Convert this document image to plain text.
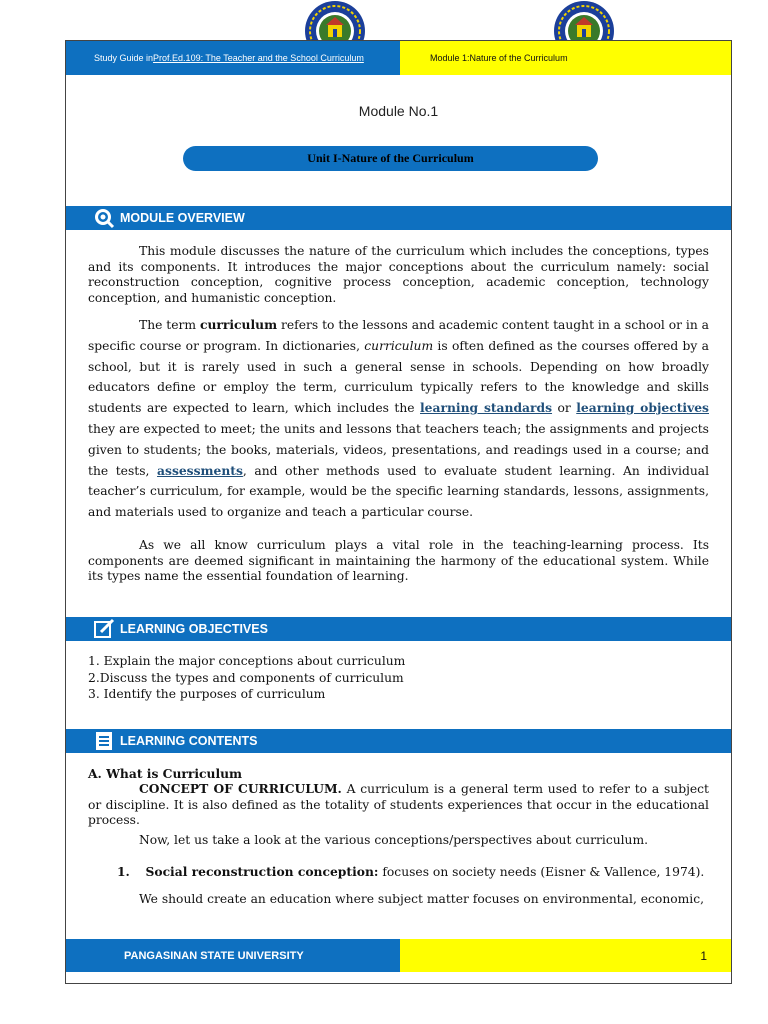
Study Guide in Prof.Ed.109: The Teacher and the School Curriculum	Module 1:Nature of the Curriculum
Module No.1
Unit I-Nature of the Curriculum
MODULE OVERVIEW
This module discusses the nature of the curriculum which includes the conceptions, types and its components. It introduces the major conceptions about the curriculum namely: social reconstruction conception, cognitive process conception, academic conception, technology conception, and humanistic conception.
The term curriculum refers to the lessons and academic content taught in a school or in a specific course or program. In dictionaries, curriculum is often defined as the courses offered by a school, but it is rarely used in such a general sense in schools. Depending on how broadly educators define or employ the term, curriculum typically refers to the knowledge and skills students are expected to learn, which includes the learning standards or learning objectives they are expected to meet; the units and lessons that teachers teach; the assignments and projects given to students; the books, materials, videos, presentations, and readings used in a course; and the tests, assessments, and other methods used to evaluate student learning. An individual teacher’s curriculum, for example, would be the specific learning standards, lessons, assignments, and materials used to organize and teach a particular course.
As we all know curriculum plays a vital role in the teaching-learning process. Its components are deemed significant in maintaining the harmony of the educational system. While its types name the essential foundation of learning.
LEARNING OBJECTIVES
1. Explain the major conceptions about curriculum
2.Discuss the types and components of curriculum
3. Identify the purposes of curriculum
LEARNING CONTENTS
A. What is Curriculum
CONCEPT OF CURRICULUM. A curriculum is a general term used to refer to a subject or discipline. It is also defined as the totality of students experiences that occur in the educational process.
Now, let us take a look at the various conceptions/perspectives about curriculum.
1. Social reconstruction conception: focuses on society needs (Eisner & Vallence, 1974).
We should create an education where subject matter focuses on environmental, economic,
PANGASINAN STATE UNIVERSITY	1
